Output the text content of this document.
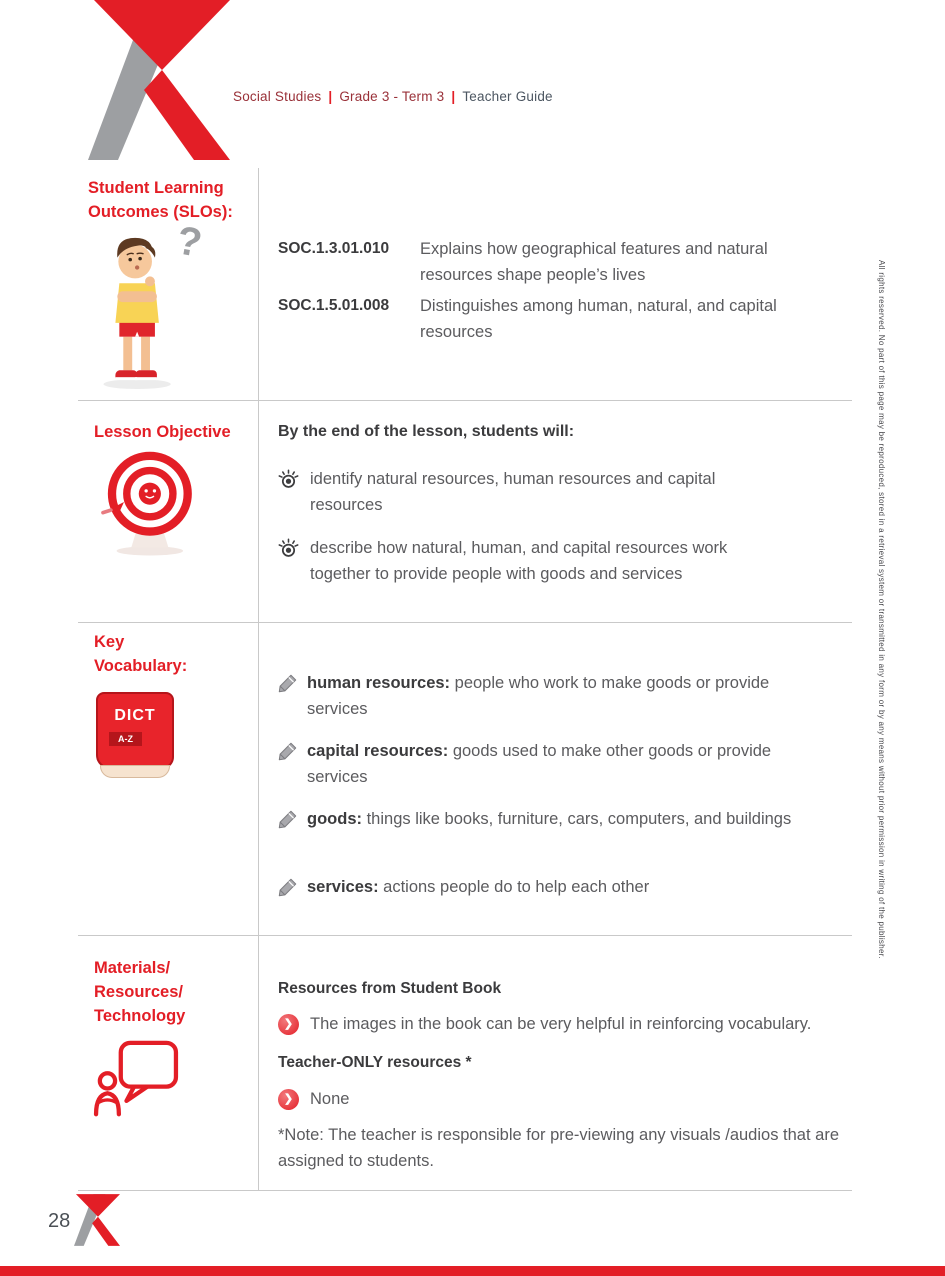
Social Studies | Grade 3 - Term 3 | Teacher Guide
Student Learning Outcomes (SLOs):
?	SOC.1.3.01.010	Explains how geographical features and natural resources shape people’s lives
SOC.1.5.01.008	Distinguishes among human, natural, and capital resources
Lesson Objective	By the end of the lesson, students will:
identify natural resources, human resources and capital resources
describe how natural, human, and capital resources work together to provide people with goods and services
Key Vocabulary:
DICT
A-Z
human resources: people who work to make goods or provide services
capital resources: goods used to make other goods or provide services
goods: things like books, furniture, cars, computers, and buildings
services: actions people do to help each other
Materials/
Resources/
Technology
Resources from Student Book
❯	The images in the book can be very helpful in reinforcing vocabulary.
Teacher-ONLY resources *
❯	None
*Note: The teacher is responsible for pre-viewing any visuals /audios that are assigned to students.
All rights reserved. No part of this page may be reproduced, stored in a retrieval system or transmitted in any form or by any means without prior permission in writing of the publisher.
28
